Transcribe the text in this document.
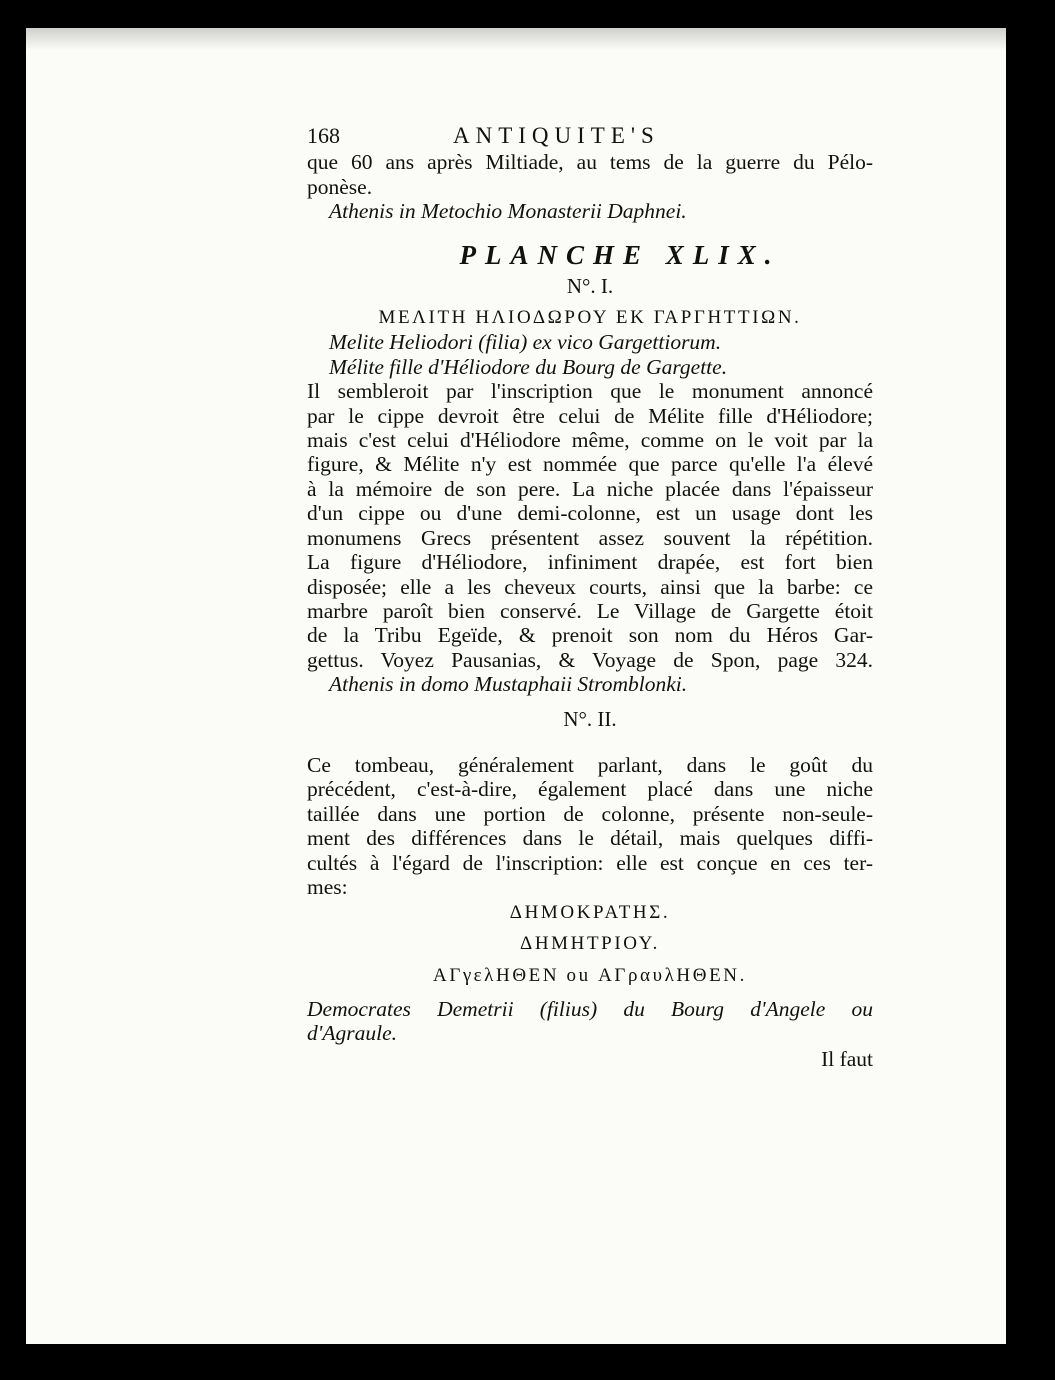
168	ANTIQUITE'S
que 60 ans après Miltiade, au tems de la guerre du Pélo-
ponèse.
Athenis in Metochio Monasterii Daphnei.
PLANCHE XLIX.
N°. I.
ΜΕΛΙΤΗ ΗΛΙΟΔΩΡΟΥ ΕΚ ΓΑΡΓΗΤΤΙΩΝ.
Melite Heliodori (filia) ex vico Gargettiorum.
Mélite fille d'Héliodore du Bourg de Gargette.
Il sembleroit par l'inscription que le monument annoncé
par le cippe devroit être celui de Mélite fille d'Héliodore;
mais c'est celui d'Héliodore même, comme on le voit par la
figure, & Mélite n'y est nommée que parce qu'elle l'a élevé
à la mémoire de son pere. La niche placée dans l'épaisseur
d'un cippe ou d'une demi-colonne, est un usage dont les
monumens Grecs présentent assez souvent la répétition.
La figure d'Héliodore, infiniment drapée, est fort bien
disposée; elle a les cheveux courts, ainsi que la barbe: ce
marbre paroît bien conservé. Le Village de Gargette étoit
de la Tribu Egeïde, & prenoit son nom du Héros Gar-
gettus. Voyez Pausanias, & Voyage de Spon, page 324.
Athenis in domo Mustaphaii Stromblonki.
N°. II.
Ce tombeau, généralement parlant, dans le goût du
précédent, c'est-à-dire, également placé dans une niche
taillée dans une portion de colonne, présente non-seule-
ment des différences dans le détail, mais quelques diffi-
cultés à l'égard de l'inscription: elle est conçue en ces ter-
mes:
ΔΗΜΟΚΡΑΤΗΣ.
ΔΗΜΗΤΡΙΟΥ.
ΑΓγελΗΘΕΝ ou ΑΓραυλΗΘΕΝ.
Democrates Demetrii (filius) du Bourg d'Angele ou
d'Agraule.
Il faut
